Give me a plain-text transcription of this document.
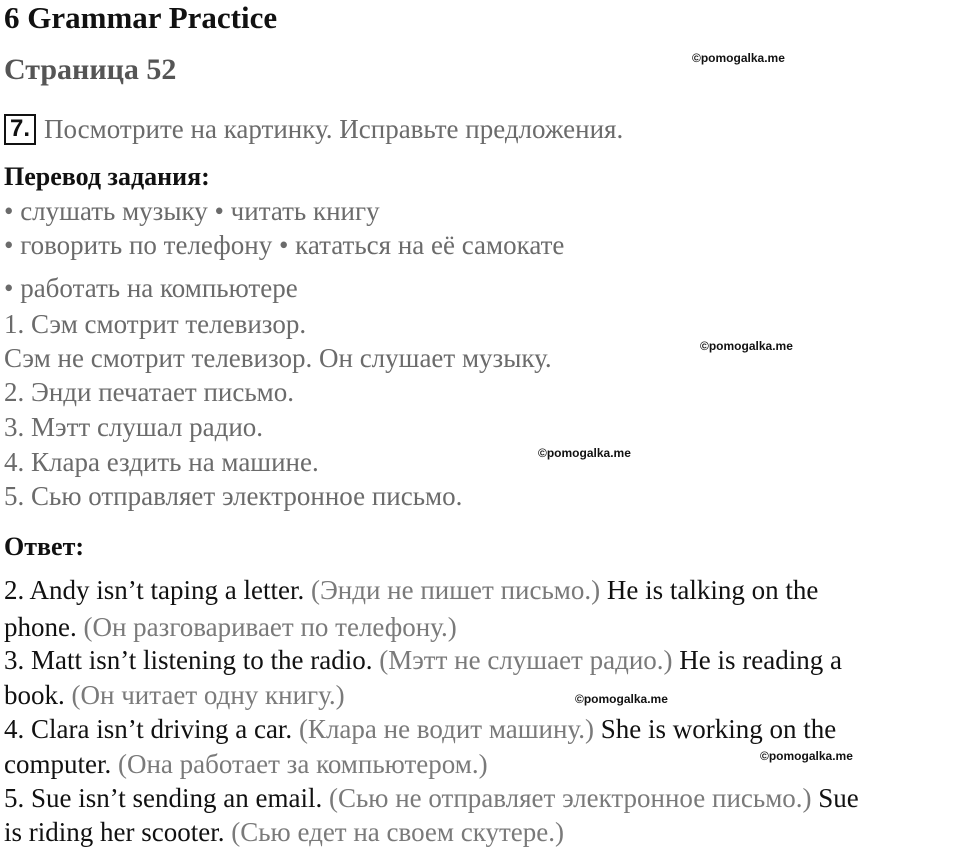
6 Grammar Practice
Страница 52
7. Посмотрите на картинку. Исправьте предложения.
Перевод задания:
• слушать музыку • читать книгу
• говорить по телефону • кататься на её самокате
• работать на компьютере
1. Сэм смотрит телевизор.
Сэм не смотрит телевизор. Он слушает музыку.
2. Энди печатает письмо.
3. Мэтт слушал радио.
4. Клара ездить на машине.
5. Сью отправляет электронное письмо.
Ответ:
2. Andy isn’t taping a letter. (Энди не пишет письмо.) He is talking on the
phone. (Он разговаривает по телефону.)
3. Matt isn’t listening to the radio. (Мэтт не слушает радио.) He is reading a
book. (Он читает одну книгу.)
4. Clara isn’t driving a car. (Клара не водит машину.) She is working on the
computer. (Она работает за компьютером.)
5. Sue isn’t sending an email. (Сью не отправляет электронное письмо.) Sue
is riding her scooter. (Сью едет на своем скутере.)
©pomogalka.me
©pomogalka.me
©pomogalka.me
©pomogalka.me
©pomogalka.me
